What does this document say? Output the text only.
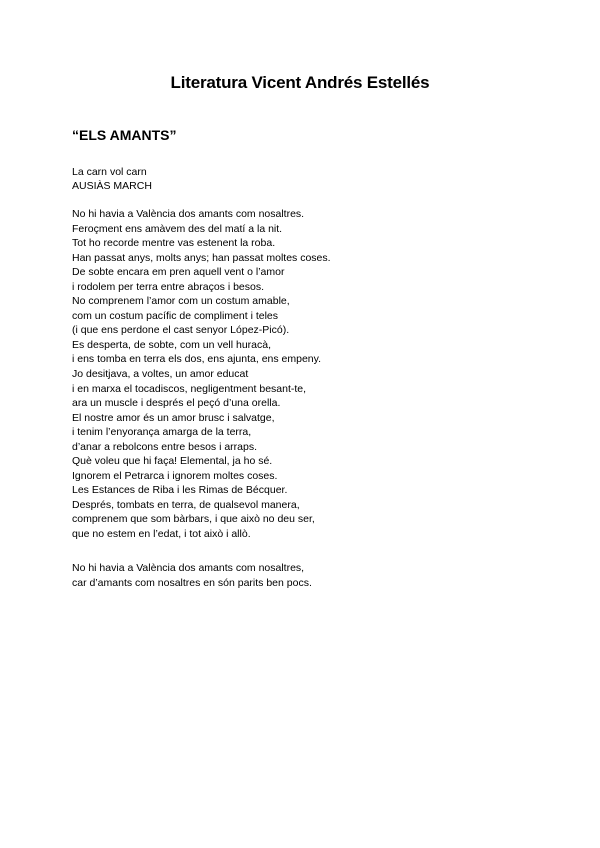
Literatura Vicent Andrés Estellés
“ELS AMANTS”
La carn vol carn
AUSIÀS MARCH
No hi havia a València dos amants com nosaltres.
Feroçment ens amàvem des del matí a la nit.
Tot ho recorde mentre vas estenent la roba.
Han passat anys, molts anys; han passat moltes coses.
De sobte encara em pren aquell vent o l’amor
i rodolem per terra entre abraços i besos.
No comprenem l’amor com un costum amable,
com un costum pacífic de compliment i teles
(i que ens perdone el cast senyor López-Picó).
Es desperta, de sobte, com un vell huracà,
i ens tomba en terra els dos, ens ajunta, ens empeny.
Jo desitjava, a voltes, un amor educat
i en marxa el tocadiscos, negligentment besant-te,
ara un muscle i després el peçó d’una orella.
El nostre amor és un amor brusc i salvatge,
i tenim l’enyorança amarga de la terra,
d’anar a rebolcons entre besos i arraps.
Què voleu que hi faça! Elemental, ja ho sé.
Ignorem el Petrarca i ignorem moltes coses.
Les Estances de Riba i les Rimas de Bécquer.
Després, tombats en terra, de qualsevol manera,
comprenem que som bàrbars, i que això no deu ser,
que no estem en l’edat, i tot això i allò.
No hi havia a València dos amants com nosaltres,
car d’amants com nosaltres en són parits ben pocs.
